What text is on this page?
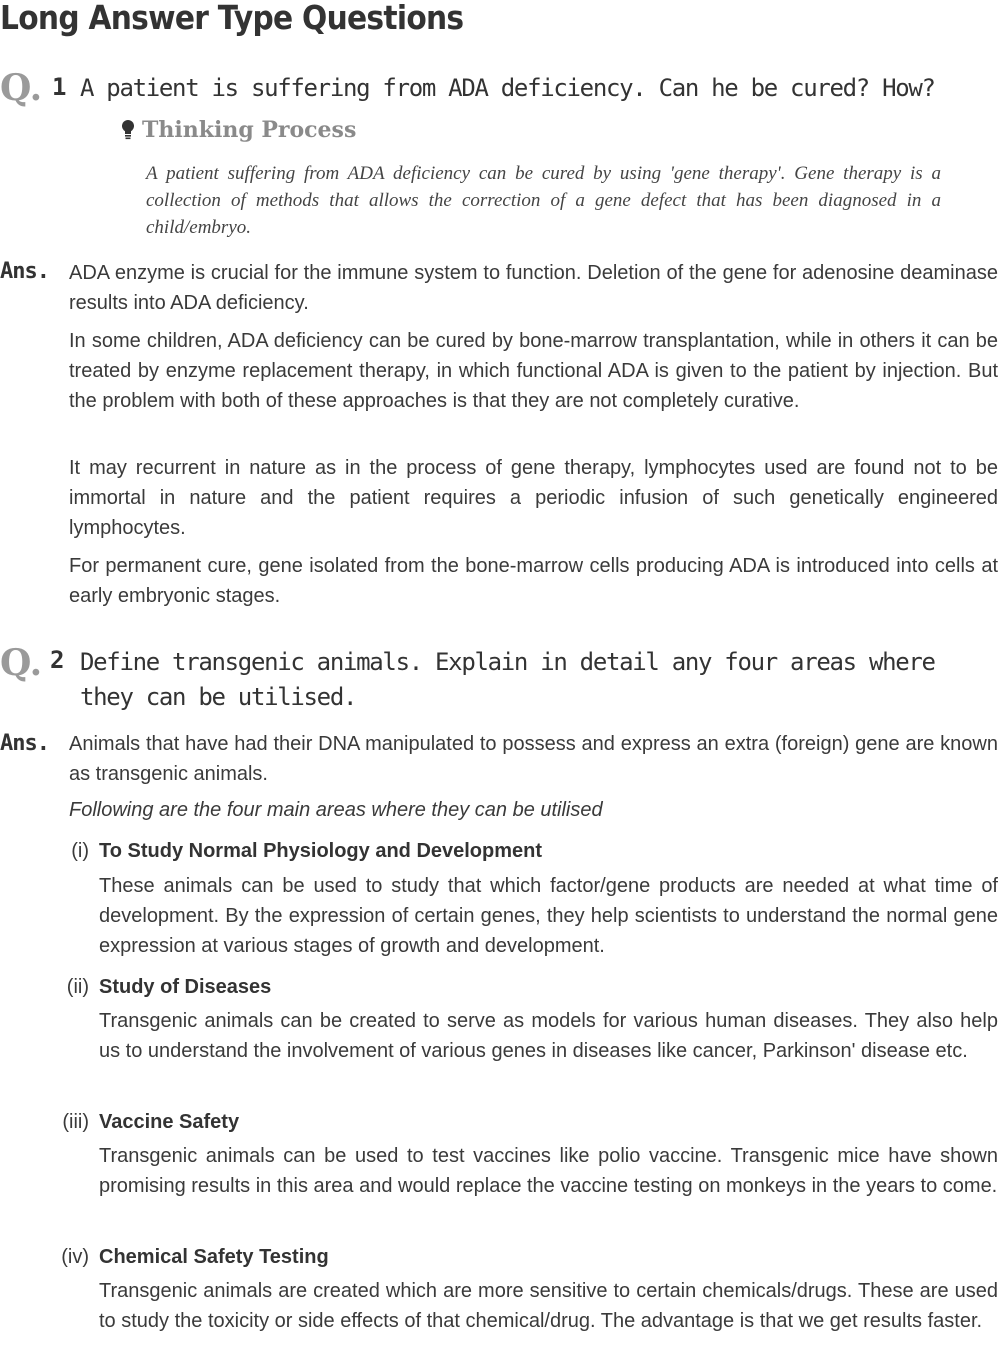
Long Answer Type Questions
Q. 1 A patient is suffering from ADA deficiency. Can he be cured? How?

Thinking Process

A patient suffering from ADA deficiency can be cured by using 'gene therapy'. Gene therapy is a collection of methods that allows the correction of a gene defect that has been diagnosed in a child/embryo.

Ans. ADA enzyme is crucial for the immune system to function. Deletion of the gene for adenosine deaminase results into ADA deficiency.

In some children, ADA deficiency can be cured by bone-marrow transplantation, while in others it can be treated by enzyme replacement therapy, in which functional ADA is given to the patient by injection. But the problem with both of these approaches is that they are not completely curative.

It may recurrent in nature as in the process of gene therapy, lymphocytes used are found not to be immortal in nature and the patient requires a periodic infusion of such genetically engineered lymphocytes.

For permanent cure, gene isolated from the bone-marrow cells producing ADA is introduced into cells at early embryonic stages.

Q. 2 Define transgenic animals. Explain in detail any four areas where they can be utilised.

Ans. Animals that have had their DNA manipulated to possess and express an extra (foreign) gene are known as transgenic animals.

Following are the four main areas where they can be utilised

(i) To Study Normal Physiology and Development

These animals can be used to study that which factor/gene products are needed at what time of development. By the expression of certain genes, they help scientists to understand the normal gene expression at various stages of growth and development.

(ii) Study of Diseases

Transgenic animals can be created to serve as models for various human diseases. They also help us to understand the involvement of various genes in diseases like cancer, Parkinson' disease etc.

(iii) Vaccine Safety

Transgenic animals can be used to test vaccines like polio vaccine. Transgenic mice have shown promising results in this area and would replace the vaccine testing on monkeys in the years to come.

(iv) Chemical Safety Testing

Transgenic animals are created which are more sensitive to certain chemicals/drugs. These are used to study the toxicity or side effects of that chemical/drug. The advantage is that we get results faster.
